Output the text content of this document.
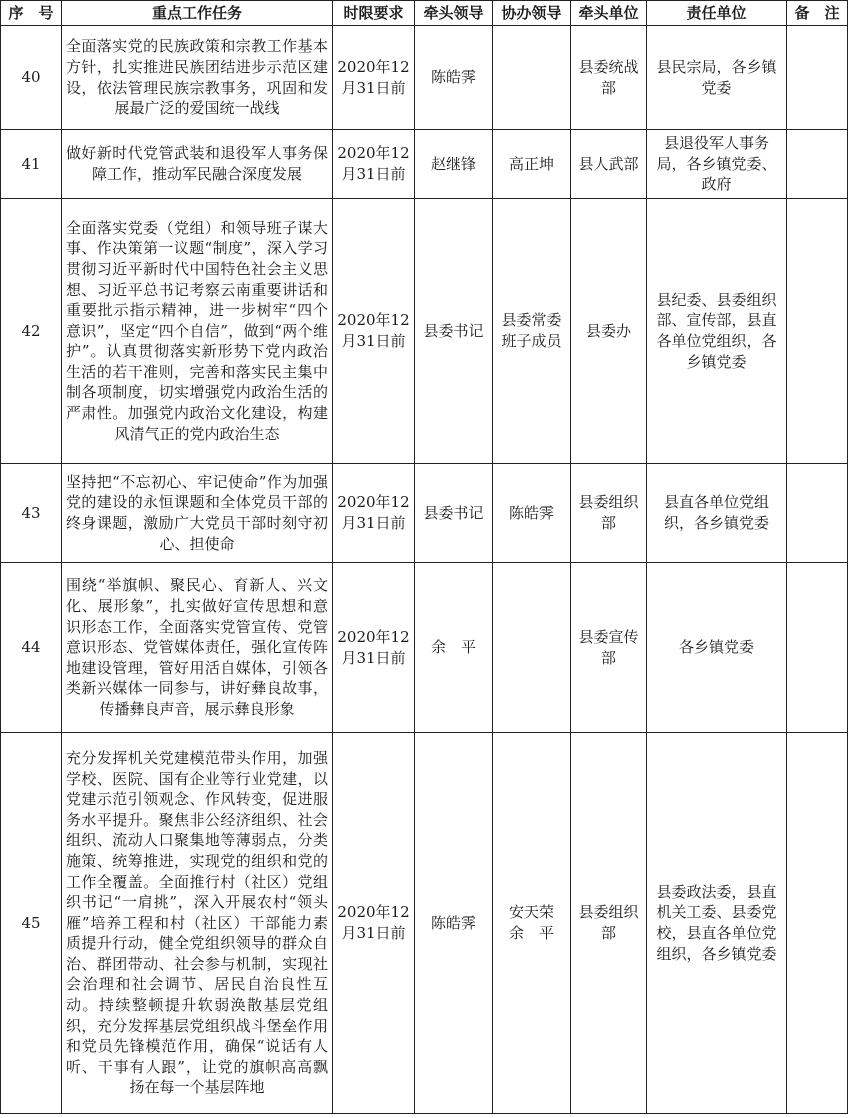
序　号	重点工作任务	时限要求	牵头领导	协办领导	牵头单位	责任单位	备　注
40	全面落实党的民族政策和宗教工作基本方针，扎实推进民族团结进步示范区建设，依法管理民族宗教事务，巩固和发展最广泛的爱国统一战线	2020年12月31日前	陈皓霁		县委统战部	县民宗局，各乡镇党委	
41	做好新时代党管武装和退役军人事务保障工作，推动军民融合深度发展	2020年12月31日前	赵继锋	高正坤	县人武部	县退役军人事务局，各乡镇党委、政府	
42	全面落实党委（党组）和领导班子谋大事、作决策第一议题“制度”，深入学习贯彻习近平新时代中国特色社会主义思想、习近平总书记考察云南重要讲话和重要批示指示精神，进一步树牢“四个意识”，坚定“四个自信”，做到“两个维护”。认真贯彻落实新形势下党内政治生活的若干准则，完善和落实民主集中制各项制度，切实增强党内政治生活的严肃性。加强党内政治文化建设，构建风清气正的党内政治生态	2020年12月31日前	县委书记	县委常委班子成员	县委办	县纪委、县委组织部、宣传部，县直各单位党组织，各乡镇党委	
43	坚持把“不忘初心、牢记使命”作为加强党的建设的永恒课题和全体党员干部的终身课题，激励广大党员干部时刻守初心、担使命	2020年12月31日前	县委书记	陈皓霁	县委组织部	县直各单位党组织，各乡镇党委	
44	围绕“举旗帜、聚民心、育新人、兴文化、展形象”，扎实做好宣传思想和意识形态工作，全面落实党管宣传、党管意识形态、党管媒体责任，强化宣传阵地建设管理，管好用活自媒体，引领各类新兴媒体一同参与，讲好彝良故事，传播彝良声音，展示彝良形象	2020年12月31日前	余　平		县委宣传部	各乡镇党委	
45	充分发挥机关党建模范带头作用，加强学校、医院、国有企业等行业党建，以党建示范引领观念、作风转变，促进服务水平提升。聚焦非公经济组织、社会组织、流动人口聚集地等薄弱点，分类施策、统筹推进，实现党的组织和党的工作全覆盖。全面推行村（社区）党组织书记“一肩挑”，深入开展农村“领头雁”培养工程和村（社区）干部能力素质提升行动，健全党组织领导的群众自治、群团带动、社会参与机制，实现社会治理和社会调节、居民自治良性互动。持续整顿提升软弱涣散基层党组织，充分发挥基层党组织战斗堡垒作用和党员先锋模范作用，确保“说话有人听、干事有人跟”，让党的旗帜高高飘扬在每一个基层阵地	2020年12月31日前	陈皓霁	安天荣　余　平	县委组织部	县委政法委，县直机关工委、县委党校，县直各单位党组织，各乡镇党委	
